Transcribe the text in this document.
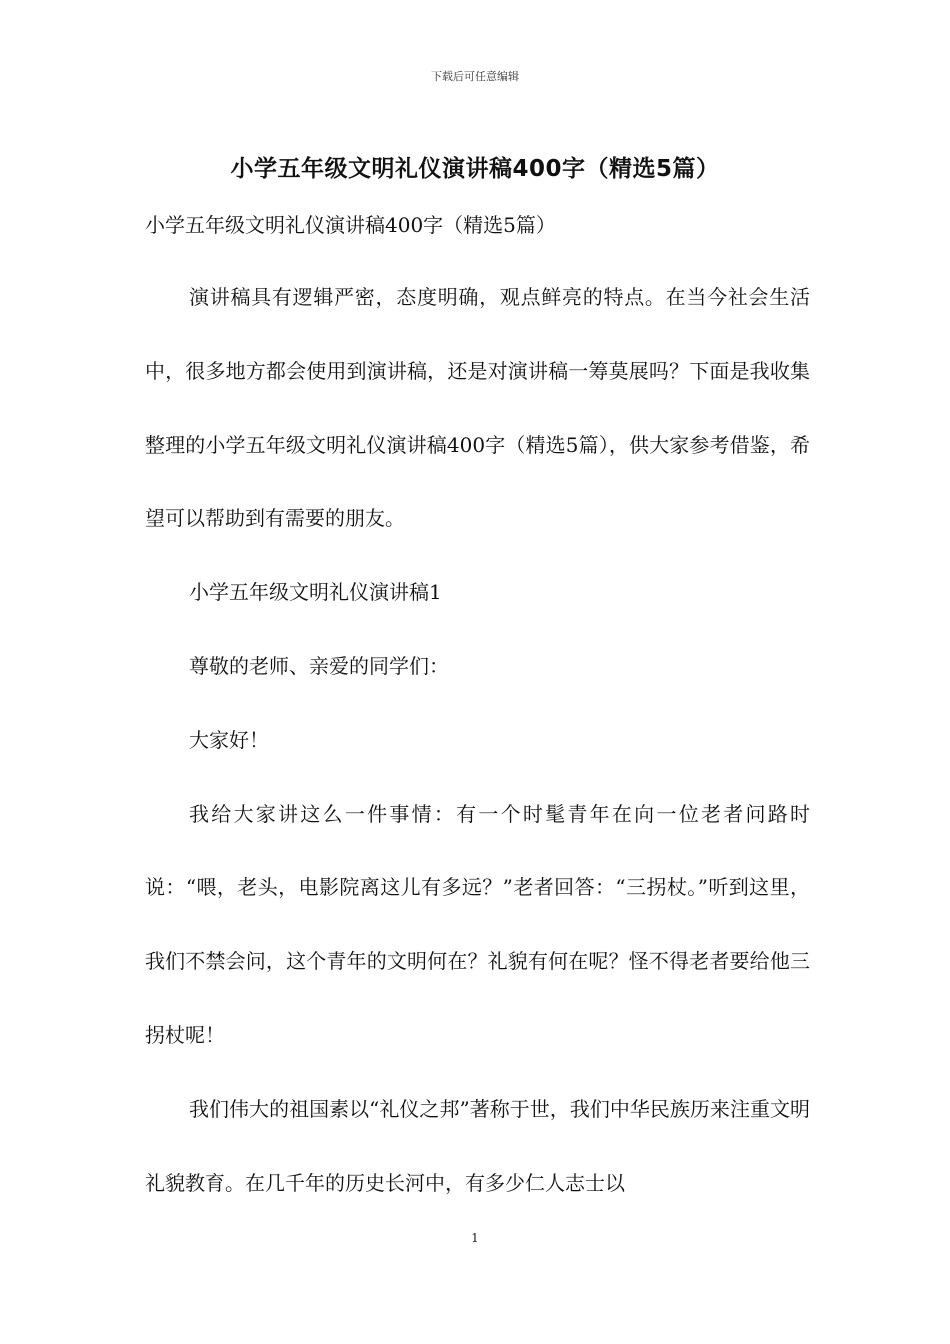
下载后可任意编辑
小学五年级文明礼仪演讲稿400字（精选5篇）

小学五年级文明礼仪演讲稿400字（精选5篇）

演讲稿具有逻辑严密，态度明确，观点鲜亮的特点。在当今社会生活中，很多地方都会使用到演讲稿，还是对演讲稿一筹莫展吗？下面是我收集整理的小学五年级文明礼仪演讲稿400字（精选5篇），供大家参考借鉴，希望可以帮助到有需要的朋友。

小学五年级文明礼仪演讲稿1

尊敬的老师、亲爱的同学们：

大家好！

我给大家讲这么一件事情：有一个时髦青年在向一位老者问路时说：“喂，老头，电影院离这儿有多远？”老者回答：“三拐杖。”听到这里，我们不禁会问，这个青年的文明何在？礼貌有何在呢？怪不得老者要给他三拐杖呢！

我们伟大的祖国素以“礼仪之邦”著称于世，我们中华民族历来注重文明礼貌教育。在几千年的历史长河中，有多少仁人志士以

1
